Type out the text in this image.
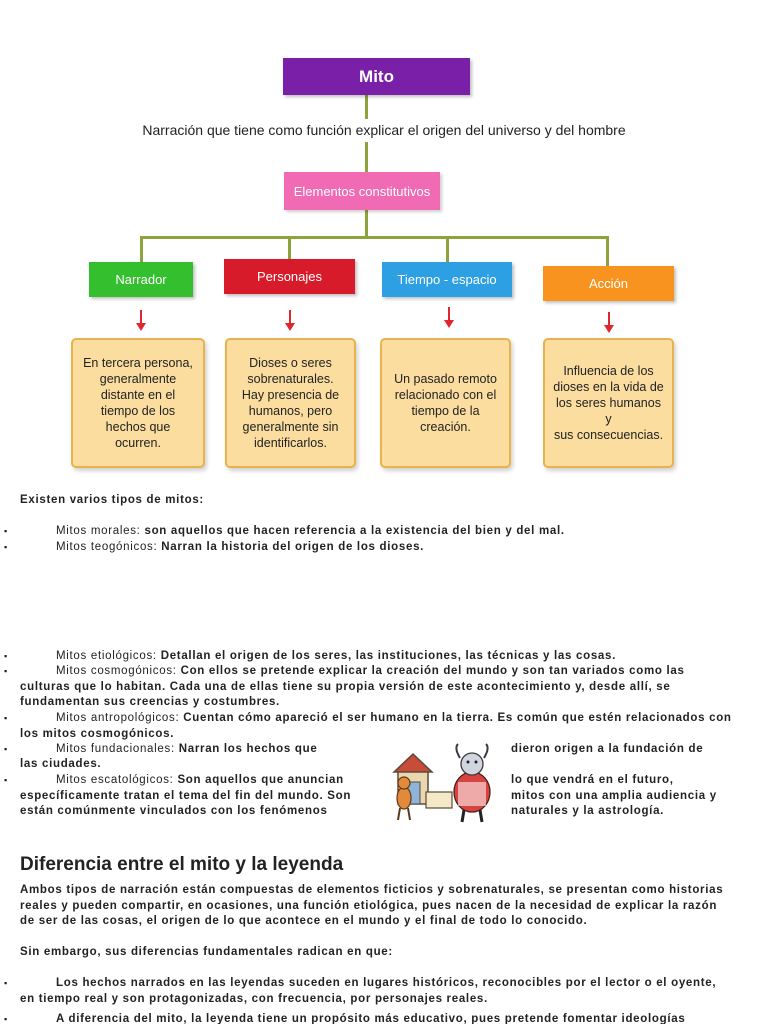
Mito
Narración que tiene como función explicar el origen del universo y del hombre
Elementos constitutivos
Narrador	Personajes	Tiempo - espacio	Acción
En tercera persona,
generalmente
distante en el
tiempo de los
hechos que
ocurren.
Dioses o seres
sobrenaturales.
Hay presencia de
humanos, pero
generalmente sin
identificarlos.
Un pasado remoto
relacionado con el
tiempo de la
creación.
Influencia de los
dioses en la vida de
los seres humanos y
sus consecuencias.
Existen varios tipos de mitos:
▪	Mitos morales: son aquellos que hacen referencia a la existencia del bien y del mal.
▪	Mitos teogónicos: Narran la historia del origen de los dioses.
▪	Mitos etiológicos: Detallan el origen de los seres, las instituciones, las técnicas y las cosas.
▪	Mitos cosmogónicos: Con ellos se pretende explicar la creación del mundo y son tan variados como las culturas que lo habitan. Cada una de ellas tiene su propia versión de este acontecimiento y, desde allí, se fundamentan sus creencias y costumbres.
▪	Mitos antropológicos: Cuentan cómo apareció el ser humano en la tierra. Es común que estén relacionados con los mitos cosmogónicos.
▪	Mitos fundacionales: Narran los hechos que	dieron origen a la fundación de
las ciudades.
▪	Mitos escatológicos: Son aquellos que anuncian	lo que vendrá en el futuro,
específicamente tratan el tema del fin del mundo. Son	mitos con una amplia audiencia y
están comúnmente vinculados con los fenómenos	naturales y la astrología.
Diferencia entre el mito y la leyenda
Ambos tipos de narración están compuestas de elementos ficticios y sobrenaturales, se presentan como historias reales y pueden compartir, en ocasiones, una función etiológica, pues nacen de la necesidad de explicar la razón de ser de las cosas, el origen de lo que acontece en el mundo y el final de todo lo conocido.
Sin embargo, sus diferencias fundamentales radican en que:
▪	Los hechos narrados en las leyendas suceden en lugares históricos, reconocibles por el lector o el oyente, en tiempo real y son protagonizadas, con frecuencia, por personajes reales.
▪	A diferencia del mito, la leyenda tiene un propósito más educativo, pues pretende fomentar ideologías
